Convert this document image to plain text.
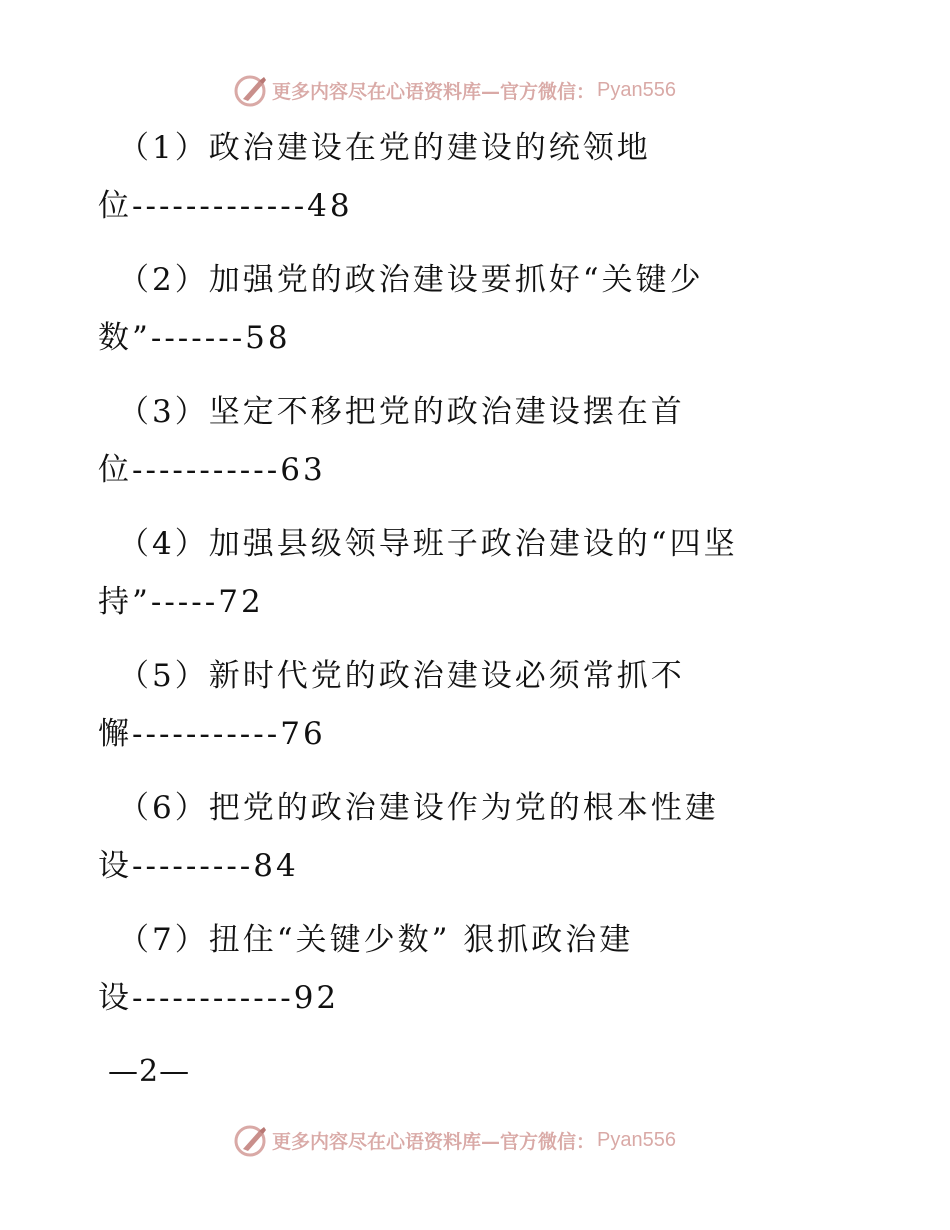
更多内容尽在心语资料库—官方微信： Pyan556
（1）政治建设在党的建设的统领地
位-------------48
（2）加强党的政治建设要抓好“关键少
数”-------58
（3）坚定不移把党的政治建设摆在首
位-----------63
（4）加强县级领导班子政治建设的“四坚
持”-----72
（5）新时代党的政治建设必须常抓不
懈-----------76
（6）把党的政治建设作为党的根本性建
设---------84
（7）扭住“关键少数” 狠抓政治建
设------------92
—2—
更多内容尽在心语资料库—官方微信： Pyan556
